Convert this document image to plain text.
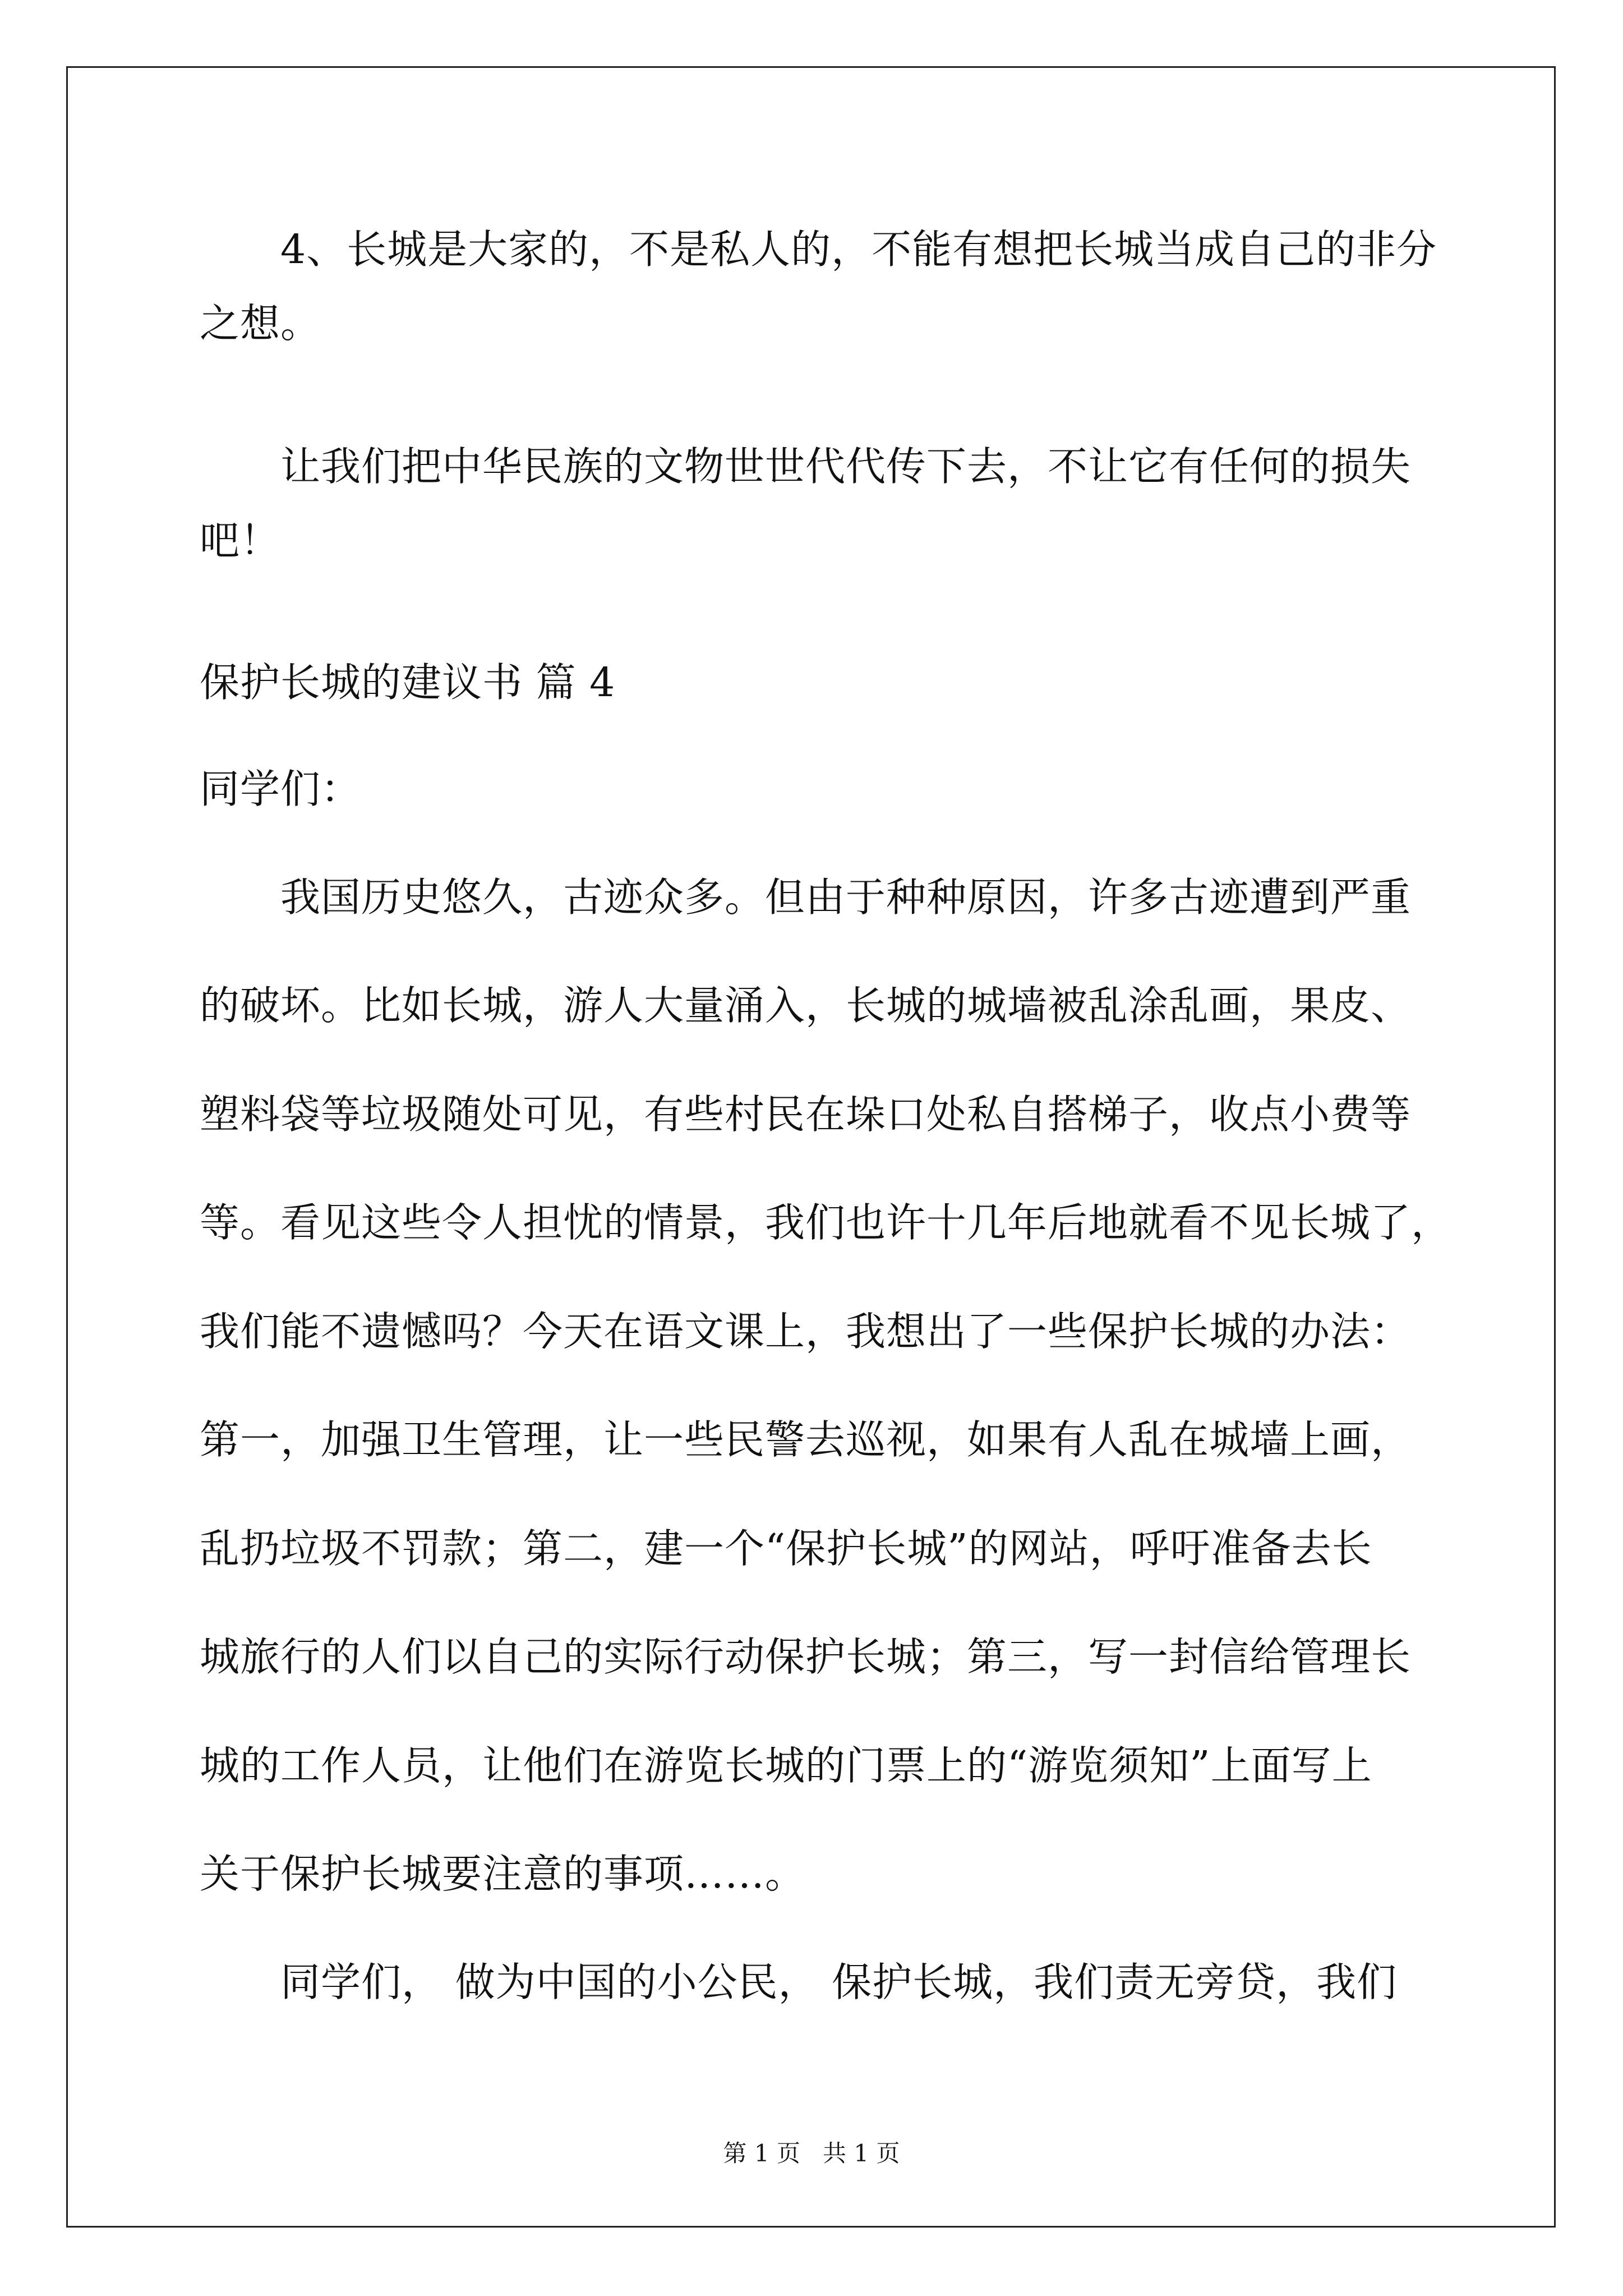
4、长城是大家的，不是私人的，不能有想把长城当成自己的非分
之想。
让我们把中华民族的文物世世代代传下去，不让它有任何的损失
吧！
保护长城的建议书 篇 4
同学们：
我国历史悠久，古迹众多。但由于种种原因，许多古迹遭到严重
的破坏。比如长城，游人大量涌入，长城的城墙被乱涂乱画，果皮、
塑料袋等垃圾随处可见，有些村民在垛口处私自搭梯子，收点小费等
等。看见这些令人担忧的情景，我们也许十几年后地就看不见长城了，
我们能不遗憾吗？今天在语文课上，我想出了一些保护长城的办法：
第一，加强卫生管理，让一些民警去巡视，如果有人乱在城墙上画，
乱扔垃圾不罚款；第二，建一个“保护长城”的网站，呼吁准备去长
城旅行的人们以自己的实际行动保护长城；第三，写一封信给管理长
城的工作人员，让他们在游览长城的门票上的“游览须知”上面写上
关于保护长城要注意的事项……。
同学们， 做为中国的小公民， 保护长城，我们责无旁贷，我们
第 1 页   共 1 页
